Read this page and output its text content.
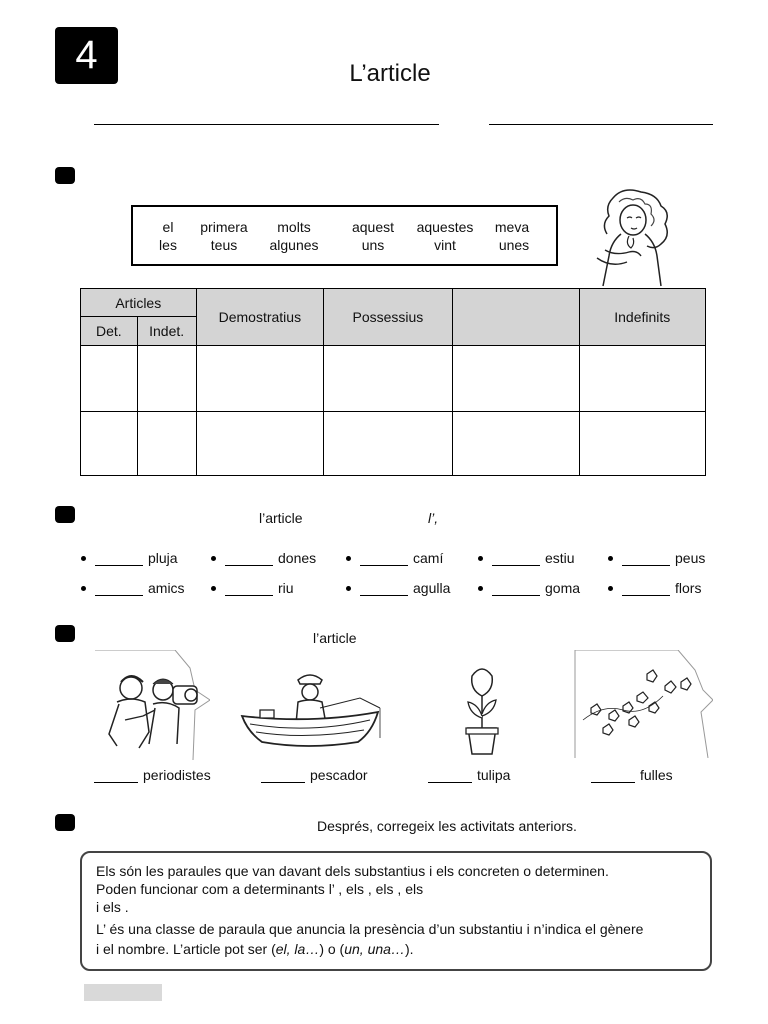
4	L’article
el	primera	molts	aquest	aquestes	meva
les	teus	algunes	uns	vint	unes
Articles		Demostratius	Possessius		Indefinits
Det.	Indet.				

l’article	l’,
pluja	dones	camí	estiu	peus
amics	riu	agulla	goma	flors
l’article
periodistes	pescador	tulipa	fulles
Després, corregeix les activitats anteriors.
Els són les paraules que van davant dels substantius i els concreten o determinen.
Poden funcionar com a determinants l’ , els , els , els
i els .
L’ és una classe de paraula que anuncia la presència d’un substantiu i n’indica el gènere
i el nombre. L’article pot ser (el, la…) o (un, una…).
